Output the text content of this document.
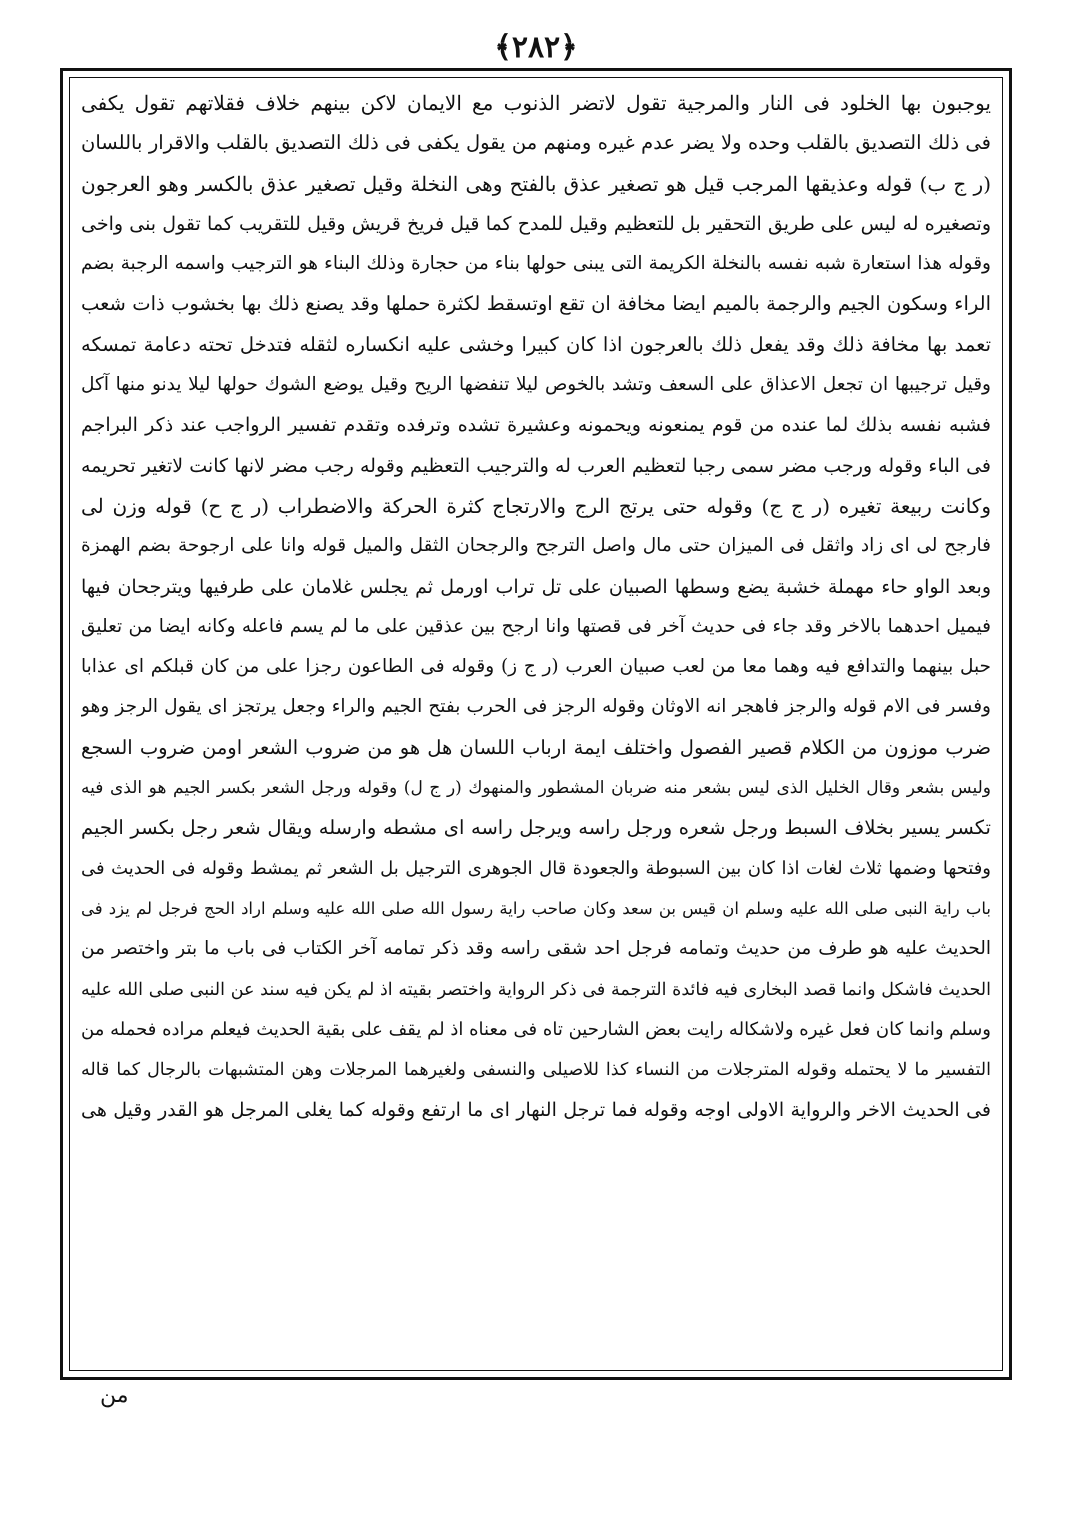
﴿٢٨٢﴾
يوجبون بها الخلود فى النار والمرجية تقول لاتضر الذنوب مع الايمان لاكن بينهم خلاف فقلاتهم تقول يكفى
فى ذلك التصديق بالقلب وحده ولا يضر عدم غيره ومنهم من يقول يكفى فى ذلك التصديق بالقلب والاقرار باللسان
(ر ج ب) قوله وعذيقها المرجب قيل هو تصغير عذق بالفتح وهى النخلة وقيل تصغير عذق بالكسر وهو العرجون
وتصغيره له ليس على طريق التحقير بل للتعظيم وقيل للمدح كما قيل فريخ قريش وقيل للتقريب كما تقول بنى واخى
وقوله هذا استعارة شبه نفسه بالنخلة الكريمة التى يبنى حولها بناء من حجارة وذلك البناء هو الترجيب واسمه الرجبة بضم
الراء وسكون الجيم والرجمة بالميم ايضا مخافة ان تقع اوتسقط لكثرة حملها وقد يصنع ذلك بها بخشوب ذات شعب
تعمد بها مخافة ذلك وقد يفعل ذلك بالعرجون اذا كان كبيرا وخشى عليه انكساره لثقله فتدخل تحته دعامة تمسكه
وقيل ترجيبها ان تجعل الاعذاق على السعف وتشد بالخوص ليلا تنفضها الريح وقيل يوضع الشوك حولها ليلا يدنو منها آكل
فشبه نفسه بذلك لما عنده من قوم يمنعونه ويحمونه وعشيرة تشده وترفده وتقدم تفسير الرواجب عند ذكر البراجم
فى الباء وقوله ورجب مضر سمى رجبا لتعظيم العرب له والترجيب التعظيم وقوله رجب مضر لانها كانت لاتغير تحريمه
وكانت ربيعة تغيره (ر ج ج) وقوله حتى يرتج الرج والارتجاج كثرة الحركة والاضطراب (ر ج ح) قوله وزن لى
فارجح لى اى زاد واثقل فى الميزان حتى مال واصل الترجح والرجحان الثقل والميل قوله وانا على ارجوحة بضم الهمزة
وبعد الواو حاء مهملة خشبة يضع وسطها الصبيان على تل تراب اورمل ثم يجلس غلامان على طرفيها ويترجحان فيها
فيميل احدهما بالاخر وقد جاء فى حديث آخر فى قصتها وانا ارجح بين عذقين على ما لم يسم فاعله وكانه ايضا من تعليق
حبل بينهما والتدافع فيه وهما معا من لعب صبيان العرب (ر ج ز) وقوله فى الطاعون رجزا على من كان قبلكم اى عذابا
وفسر فى الام قوله والرجز فاهجر انه الاوثان وقوله الرجز فى الحرب بفتح الجيم والراء وجعل يرتجز اى يقول الرجز وهو
ضرب موزون من الكلام قصير الفصول واختلف ايمة ارباب اللسان هل هو من ضروب الشعر اومن ضروب السجع
وليس بشعر وقال الخليل الذى ليس بشعر منه ضربان المشطور والمنهوك (ر ج ل) وقوله ورجل الشعر بكسر الجيم هو الذى فيه
تكسر يسير بخلاف السبط ورجل شعره ورجل راسه ويرجل راسه اى مشطه وارسله ويقال شعر رجل بكسر الجيم
وفتحها وضمها ثلاث لغات اذا كان بين السبوطة والجعودة قال الجوهرى الترجيل بل الشعر ثم يمشط وقوله فى الحديث فى
باب راية النبى صلى الله عليه وسلم ان قيس بن سعد وكان صاحب راية رسول الله صلى الله عليه وسلم اراد الحج فرجل لم يزد فى
الحديث عليه هو طرف من حديث وتمامه فرجل احد شقى راسه وقد ذكر تمامه آخر الكتاب فى باب ما بتر واختصر من
الحديث فاشكل وانما قصد البخارى فيه فائدة الترجمة فى ذكر الرواية واختصر بقيته اذ لم يكن فيه سند عن النبى صلى الله عليه
وسلم وانما كان فعل غيره ولاشكاله رايت بعض الشارحين تاه فى معناه اذ لم يقف على بقية الحديث فيعلم مراده فحمله من
التفسير ما لا يحتمله وقوله المترجلات من النساء كذا للاصيلى والنسفى ولغيرهما المرجلات وهن المتشبهات بالرجال كما قاله
فى الحديث الاخر والرواية الاولى اوجه وقوله فما ترجل النهار اى ما ارتفع وقوله كما يغلى المرجل هو القدر وقيل هى
من
